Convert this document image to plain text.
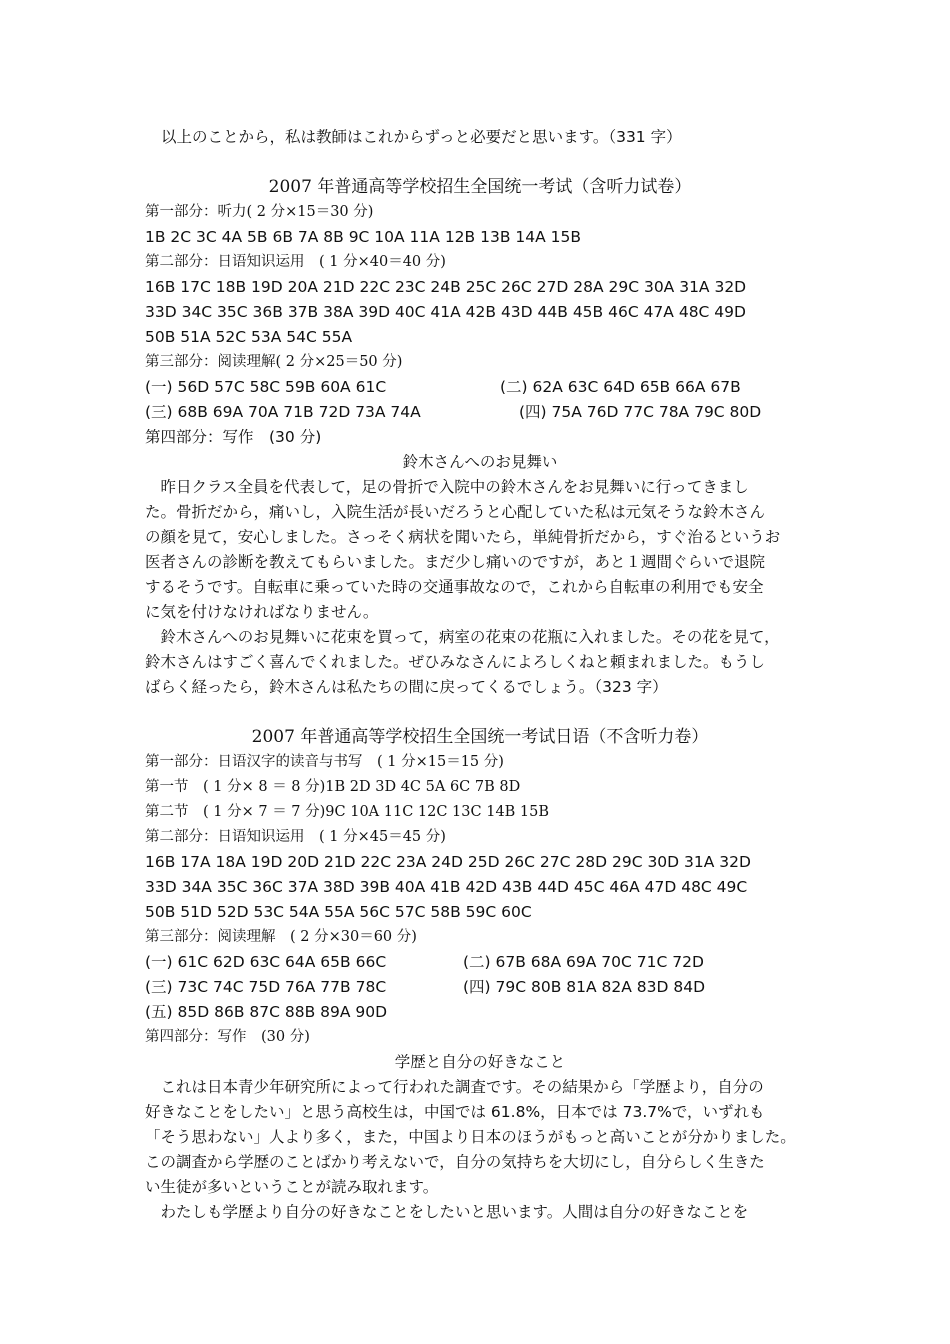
以上のことから，私は教師はこれからずっと必要だと思います。（331 字）
2007 年普通高等学校招生全国统一考试（含听力试卷）
第一部分：听力( 2 分×15＝30 分)
1B 2C 3C 4A 5B 6B 7A 8B 9C 10A 11A 12B 13B 14A 15B
第二部分：日语知识运用　( 1 分×40＝40 分)
16B 17C 18B 19D 20A 21D 22C 23C 24B 25C 26C 27D 28A 29C 30A 31A 32D
33D 34C 35C 36B 37B 38A 39D 40C 41A 42B 43D 44B 45B 46C 47A 48C 49D
50B 51A 52C 53A 54C 55A
第三部分：阅读理解( 2 分×25＝50 分)
(一) 56D 57C 58C 59B 60A 61C	(二) 62A 63C 64D 65B 66A 67B
(三) 68B 69A 70A 71B 72D 73A 74A	(四) 75A 76D 77C 78A 79C 80D
第四部分：写作　(30 分)
鈴木さんへのお見舞い
　昨日クラス全員を代表して，足の骨折で入院中の鈴木さんをお見舞いに行ってきまし
た。骨折だから，痛いし，入院生活が長いだろうと心配していた私は元気そうな鈴木さん
の顔を見て，安心しました。さっそく病状を聞いたら，単純骨折だから，すぐ治るというお
医者さんの診断を教えてもらいました。まだ少し痛いのですが，あと１週間ぐらいで退院
するそうです。自転車に乗っていた時の交通事故なので，これから自転車の利用でも安全
に気を付けなければなりません。
　鈴木さんへのお見舞いに花束を買って，病室の花束の花瓶に入れました。その花を見て，
鈴木さんはすごく喜んでくれました。ぜひみなさんによろしくねと頼まれました。もうし
ばらく経ったら，鈴木さんは私たちの間に戻ってくるでしょう。（323 字）
2007 年普通高等学校招生全国统一考试日语（不含听力卷）
第一部分：日语汉字的读音与书写　( 1 分×15＝15 分)
第一节　( 1 分× 8 ＝ 8 分)1B 2D 3D 4C 5A 6C 7B 8D
第二节　( 1 分× 7 ＝ 7 分)9C 10A 11C 12C 13C 14B 15B
第二部分：日语知识运用　( 1 分×45＝45 分)
16B 17A 18A 19D 20D 21D 22C 23A 24D 25D 26C 27C 28D 29C 30D 31A 32D
33D 34A 35C 36C 37A 38D 39B 40A 41B 42D 43B 44D 45C 46A 47D 48C 49C
50B 51D 52D 53C 54A 55A 56C 57C 58B 59C 60C
第三部分：阅读理解　( 2 分×30＝60 分)
(一) 61C 62D 63C 64A 65B 66C	(二) 67B 68A 69A 70C 71C 72D
(三) 73C 74C 75D 76A 77B 78C	(四) 79C 80B 81A 82A 83D 84D
(五) 85D 86B 87C 88B 89A 90D
第四部分：写作　(30 分)
学歴と自分の好きなこと
　これは日本青少年研究所によって行われた調査です。その結果から「学歴より，自分の
好きなことをしたい」と思う高校生は，中国では 61.8%，日本では 73.7%で，いずれも
「そう思わない」人より多く，また，中国より日本のほうがもっと高いことが分かりました。
この調査から学歴のことばかり考えないで，自分の気持ちを大切にし，自分らしく生きた
い生徒が多いということが読み取れます。
　わたしも学歴より自分の好きなことをしたいと思います。人間は自分の好きなことを
